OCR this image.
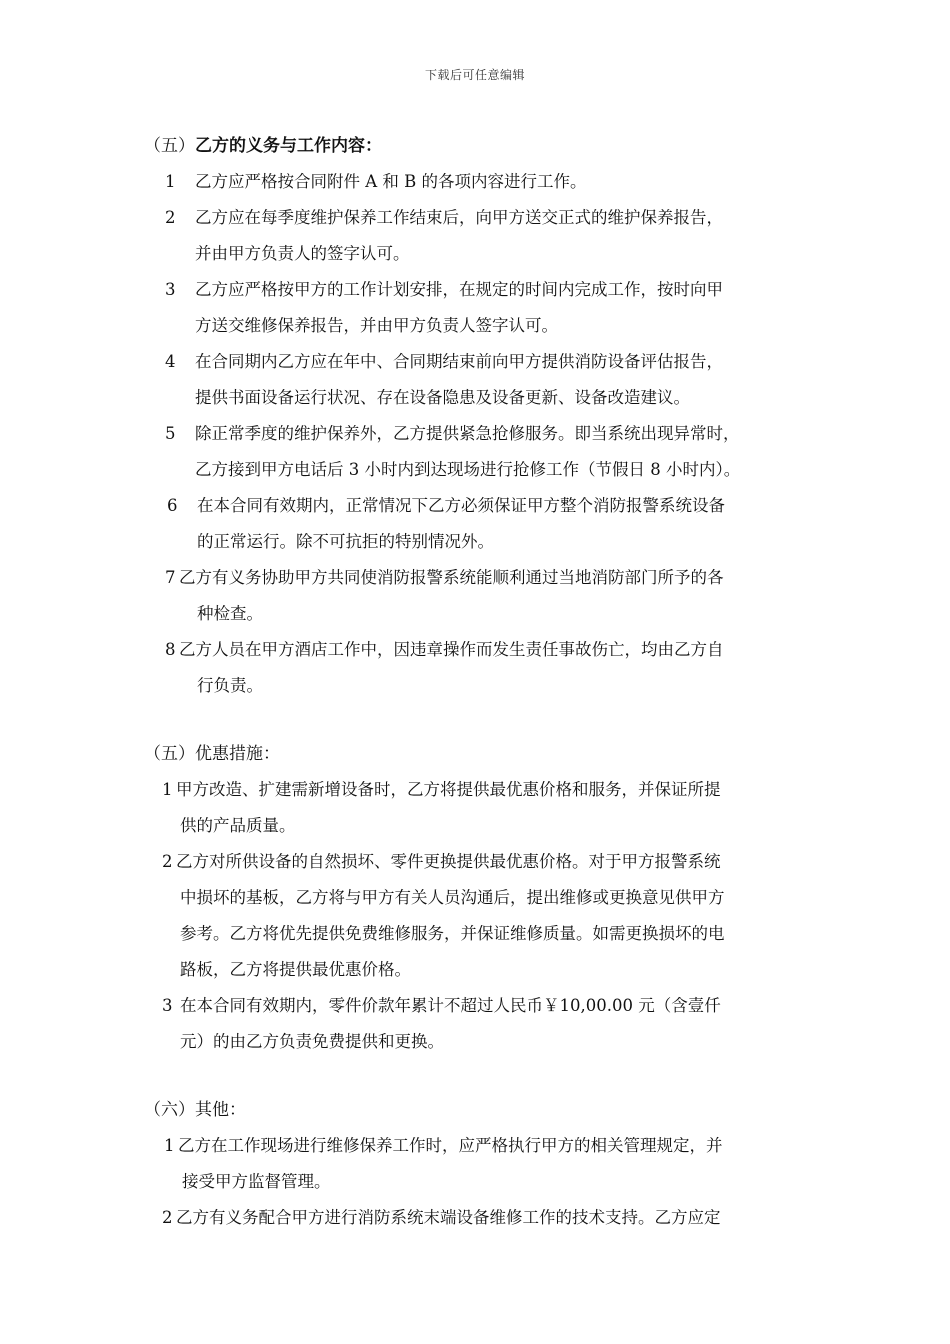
下载后可任意编辑
（五）乙方的义务与工作内容：
1 乙方应严格按合同附件 A 和 B 的各项内容进行工作。
2 乙方应在每季度维护保养工作结束后，向甲方送交正式的维护保养报告，
并由甲方负责人的签字认可。
3 乙方应严格按甲方的工作计划安排，在规定的时间内完成工作，按时向甲
方送交维修保养报告，并由甲方负责人签字认可。
4 在合同期内乙方应在年中、合同期结束前向甲方提供消防设备评估报告，
提供书面设备运行状况、存在设备隐患及设备更新、设备改造建议。
5 除正常季度的维护保养外，乙方提供紧急抢修服务。即当系统出现异常时，
乙方接到甲方电话后 3 小时内到达现场进行抢修工作（节假日 8 小时内）。
6 在本合同有效期内，正常情况下乙方必须保证甲方整个消防报警系统设备
的正常运行。除不可抗拒的特别情况外。
7 乙方有义务协助甲方共同使消防报警系统能顺利通过当地消防部门所予的各
种检查。
8 乙方人员在甲方酒店工作中，因违章操作而发生责任事故伤亡，均由乙方自
行负责。
（五）优惠措施：
1 甲方改造、扩建需新增设备时，乙方将提供最优惠价格和服务，并保证所提
供的产品质量。
2 乙方对所供设备的自然损坏、零件更换提供最优惠价格。对于甲方报警系统
中损坏的基板，乙方将与甲方有关人员沟通后，提出维修或更换意见供甲方
参考。乙方将优先提供免费维修服务，并保证维修质量。如需更换损坏的电
路板，乙方将提供最优惠价格。
3 在本合同有效期内，零件价款年累计不超过人民币￥10,00.00 元（含壹仟
元）的由乙方负责免费提供和更换。
（六）其他：
1 乙方在工作现场进行维修保养工作时，应严格执行甲方的相关管理规定，并
接受甲方监督管理。
2 乙方有义务配合甲方进行消防系统末端设备维修工作的技术支持。乙方应定
